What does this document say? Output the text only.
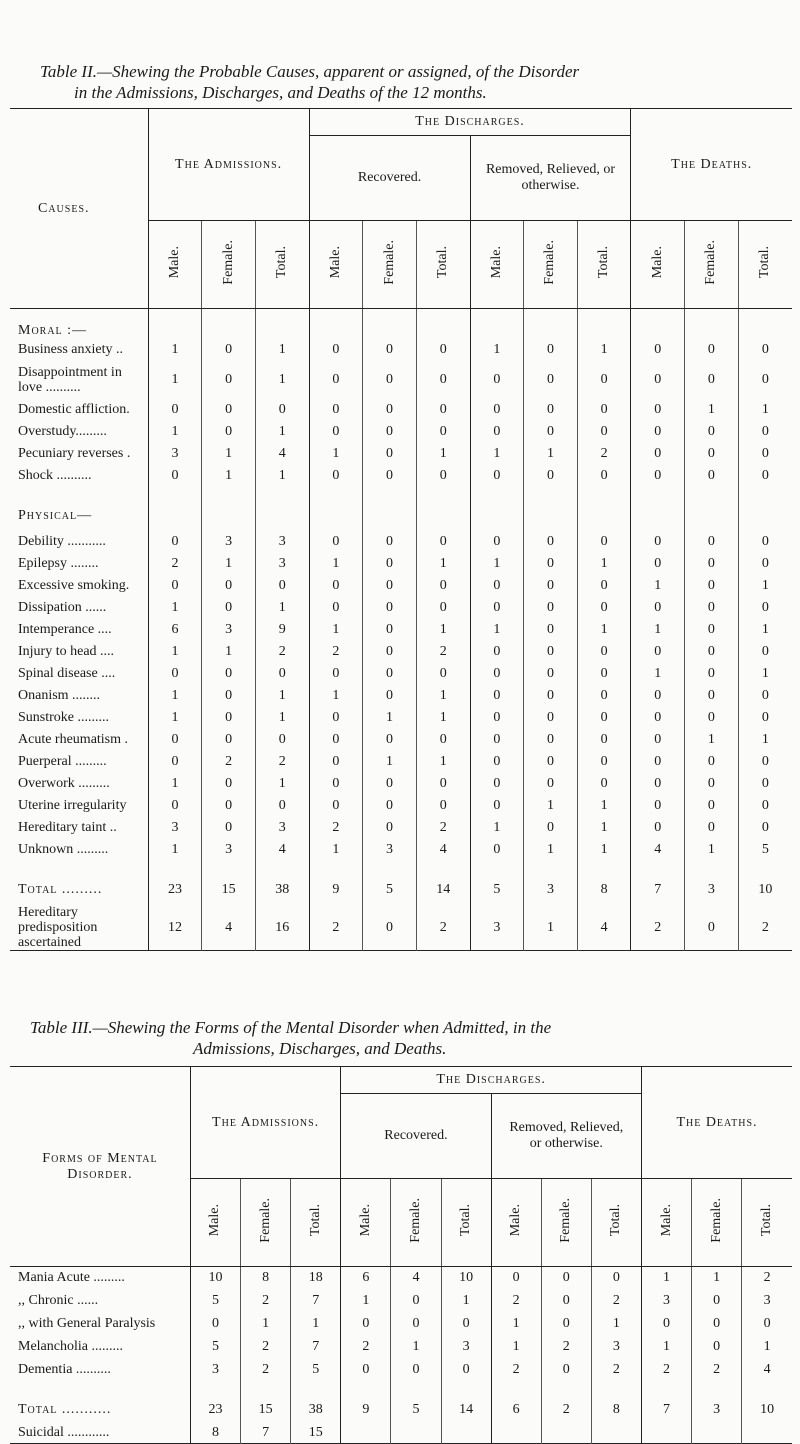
Table II.—Shewing the Probable Causes, apparent or assigned, of the Disorder
in the Admissions, Discharges, and Deaths of the 12 months.
Causes.	The Admissions.			The Discharges.						The Deaths.		
				Recovered.			Removed, Relieved, or otherwise.					
	Male.	Female.	Total.	Male.	Female.	Total.	Male.	Female.	Total.	Male.	Female.	Total.
Moral :—												
Business anxiety ..	1	0	1	0	0	0	1	0	1	0	0	0
Disappointment in love ..........	1	0	1	0	0	0	0	0	0	0	0	0
Domestic affliction.	0	0	0	0	0	0	0	0	0	0	1	1
Overstudy.........	1	0	1	0	0	0	0	0	0	0	0	0
Pecuniary reverses .	3	1	4	1	0	1	1	1	2	0	0	0
Shock ..........	0	1	1	0	0	0	0	0	0	0	0	0
Physical—												
Debility ...........	0	3	3	0	0	0	0	0	0	0	0	0
Epilepsy ........	2	1	3	1	0	1	1	0	1	0	0	0
Excessive smoking.	0	0	0	0	0	0	0	0	0	1	0	1
Dissipation ......	1	0	1	0	0	0	0	0	0	0	0	0
Intemperance ....	6	3	9	1	0	1	1	0	1	1	0	1
Injury to head ....	1	1	2	2	0	2	0	0	0	0	0	0
Spinal disease ....	0	0	0	0	0	0	0	0	0	1	0	1
Onanism ........	1	0	1	1	0	1	0	0	0	0	0	0
Sunstroke .........	1	0	1	0	1	1	0	0	0	0	0	0
Acute rheumatism .	0	0	0	0	0	0	0	0	0	0	1	1
Puerperal .........	0	2	2	0	1	1	0	0	0	0	0	0
Overwork .........	1	0	1	0	0	0	0	0	0	0	0	0
Uterine irregularity	0	0	0	0	0	0	0	1	1	0	0	0
Hereditary taint ..	3	0	3	2	0	2	1	0	1	0	0	0
Unknown .........	1	3	4	1	3	4	0	1	1	4	1	5
Total .........	23	15	38	9	5	14	5	3	8	7	3	10
Hereditary predisposition ascertained	12	4	16	2	0	2	3	1	4	2	0	2
Table III.—Shewing the Forms of the Mental Disorder when Admitted, in the
Admissions, Discharges, and Deaths.
Forms of Mental Disorder.	The Admissions.			The Discharges.						The Deaths.		
				Recovered.			Removed, Relieved, or otherwise.					
	Male.	Female.	Total.	Male.	Female.	Total.	Male.	Female.	Total.	Male.	Female.	Total.
Mania Acute .........	10	8	18	6	4	10	0	0	0	1	1	2
,, Chronic ......	5	2	7	1	0	1	2	0	2	3	0	3
,, with General Paralysis	0	1	1	0	0	0	1	0	1	0	0	0
Melancholia .........	5	2	7	2	1	3	1	2	3	1	0	1
Dementia ..........	3	2	5	0	0	0	2	0	2	2	2	4
Total ...........	23	15	38	9	5	14	6	2	8	7	3	10
Suicidal ............	8	7	15									
